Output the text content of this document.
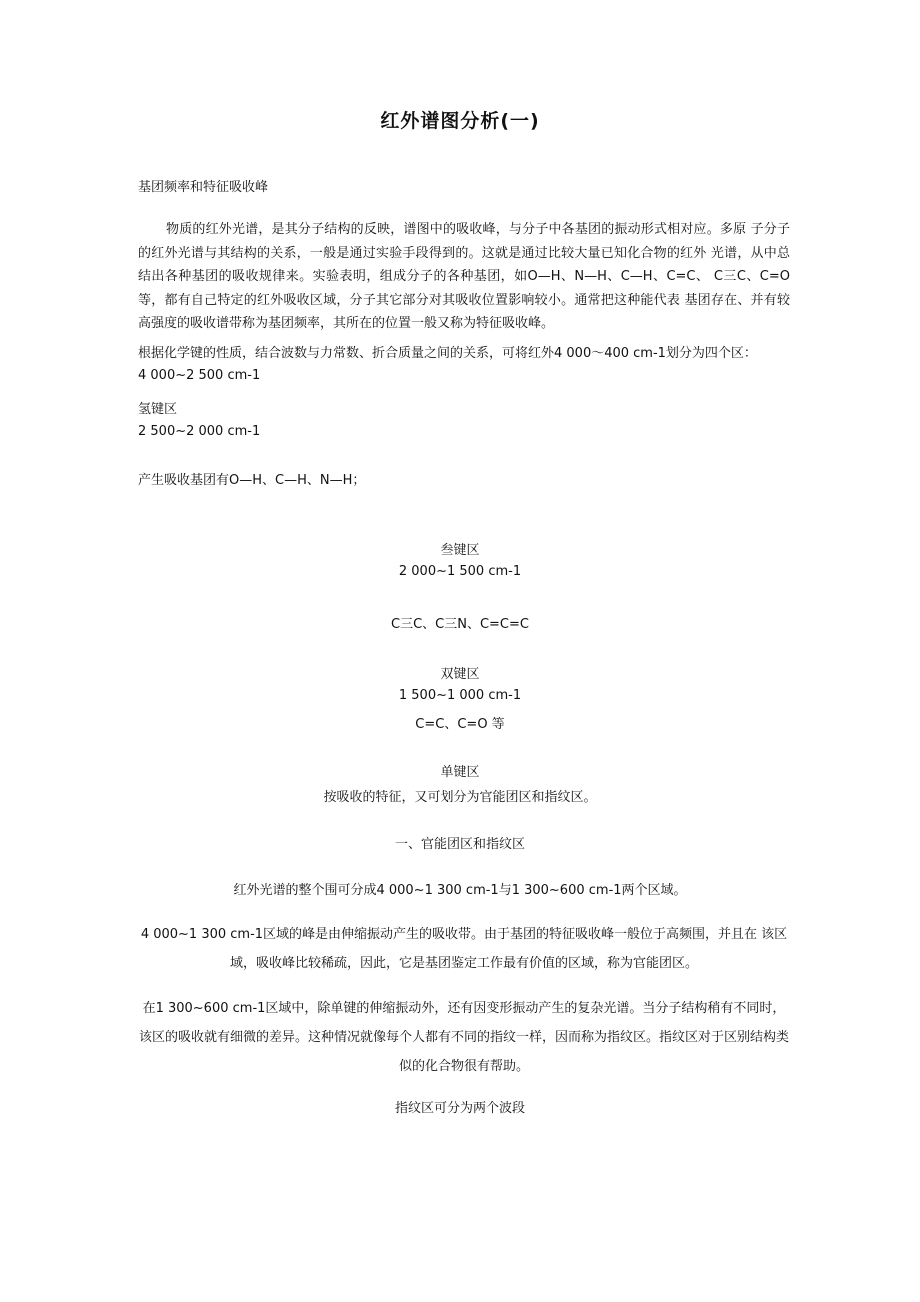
红外谱图分析(一)
基团频率和特征吸收峰
物质的红外光谱，是其分子结构的反映，谱图中的吸收峰，与分子中各基团的振动形式相对应。多原 子分子的红外光谱与其结构的关系，一般是通过实验手段得到的。这就是通过比较大量已知化合物的红外 光谱，从中总结出各种基团的吸收规律来。实验表明，组成分子的各种基团，如O—H、N—H、C—H、C=C、 C三C、C=O等，都有自己特定的红外吸收区域，分子其它部分对其吸收位置影响较小。通常把这种能代表 基团存在、并有较高强度的吸收谱带称为基团频率，其所在的位置一般又称为特征吸收峰。
根据化学键的性质，结合波数与力常数、折合质量之间的关系，可将红外4 000～400 cm-1划分为四个区：
4 000~2 500 cm-1
氢键区
2 500~2 000 cm-1
产生吸收基团有O—H、C—H、N—H；
叁键区
2 000~1 500 cm-1
C三C、C三N、C=C=C
双键区
1 500~1 000 cm-1
C=C、C=O 等
单键区
按吸收的特征，又可划分为官能团区和指纹区。
一、官能团区和指纹区
红外光谱的整个围可分成4 000~1 300 cm-1与1 300~600 cm-1两个区域。
4 000~1 300 cm-1区域的峰是由伸缩振动产生的吸收带。由于基团的特征吸收峰一般位于高频围，并且在 该区域，吸收峰比较稀疏，因此，它是基团鉴定工作最有价值的区域，称为官能团区。
在1 300~600 cm-1区域中，除单键的伸缩振动外，还有因变形振动产生的复杂光谱。当分子结构稍有不同时，该区的吸收就有细微的差异。这种情况就像每个人都有不同的指纹一样，因而称为指纹区。指纹区对于区别结构类似的化合物很有帮助。
指纹区可分为两个波段
